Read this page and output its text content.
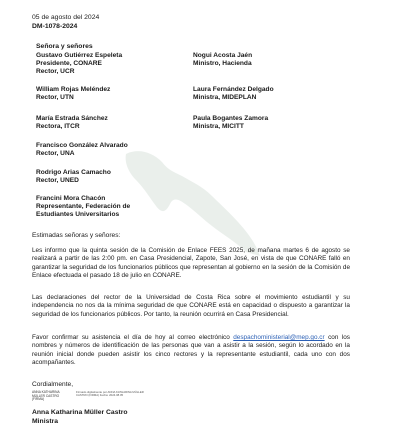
05 de agosto del 2024
DM-1078-2024
Señora y señores
Gustavo Gutiérrez Espeleta
Presidente, CONARE
Rector, UCR
William Rojas Meléndez
Rector, UTN
María Estrada Sánchez
Rectora, ITCR
Francisco González Alvarado
Rector, UNA
Rodrigo Arias Camacho
Rector, UNED
Francini Mora Chacón
Representante, Federación de
Estudiantes Universitarios
Nogui Acosta Jaén
Ministro, Hacienda
Laura Fernández Delgado
Ministra, MIDEPLAN
Paula Bogantes Zamora
Ministra, MICITT
Estimadas señoras y señores:

Les informo que la quinta sesión de la Comisión de Enlace FEES 2025, de mañana martes 6 de agosto se realizará a partir de las 2:00 pm. en Casa Presidencial, Zapote, San José, en vista de que CONARE falló en garantizar la seguridad de los funcionarios públicos que representan al gobierno en la sesión de la Comisión de Enlace efectuada el pasado 18 de julio en CONARE.

Las declaraciones del rector de la Universidad de Costa Rica sobre el movimiento estudiantil y su independencia no nos da la mínima seguridad de que CONARE está en capacidad o dispuesto a garantizar la seguridad de los funcionarios públicos. Por tanto, la reunión ocurrirá en Casa Presidencial.

Favor confirmar su asistencia el día de hoy al correo electrónico despachoministerial@mep.go.cr con los nombres y números de identificación de las personas que van a asistir a la sesión, según lo acordado en la reunión inicial donde pueden asistir los cinco rectores y la representante estudiantil, cada uno con dos acompañantes.

Cordialmente,
ANNA KATHARINA MÜLLER CASTRO (FIRMA)
Firmado digitalmente por ANNA KATHARINA MÜLLER CASTRO (FIRMA) Fecha: 2024.08.05
Anna Katharina Müller Castro
Ministra
